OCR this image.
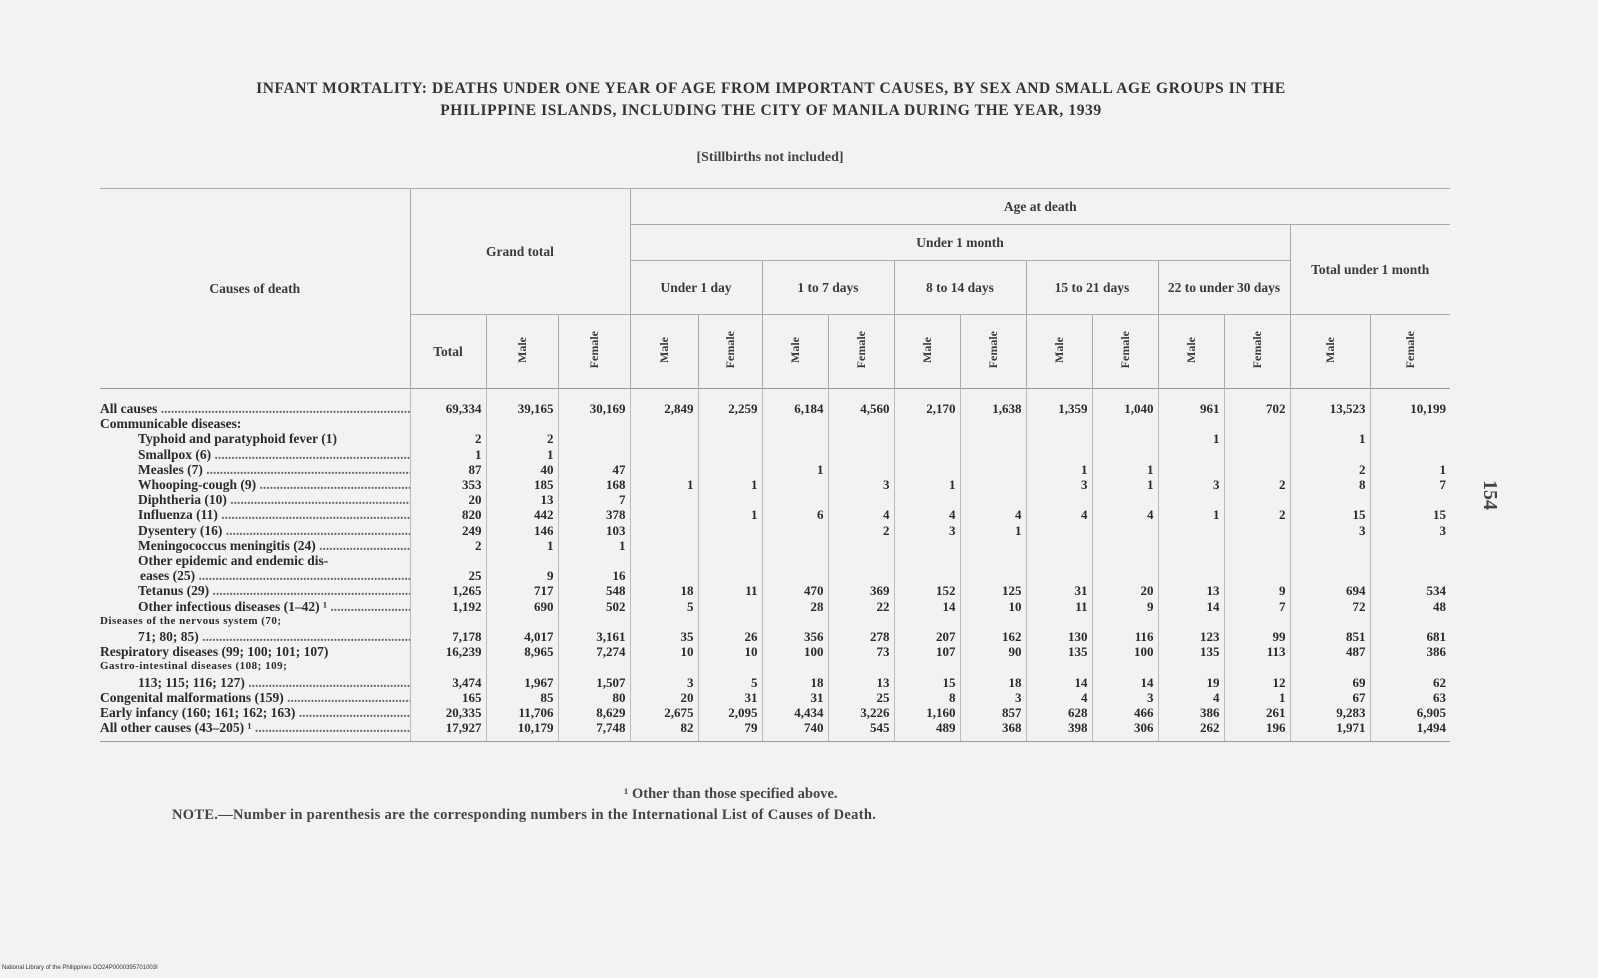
INFANT MORTALITY: DEATHS UNDER ONE YEAR OF AGE FROM IMPORTANT CAUSES, BY SEX AND SMALL AGE GROUPS IN THE
PHILIPPINE ISLANDS, INCLUDING THE CITY OF MANILA DURING THE YEAR, 1939
[Stillbirths not included]
Causes of death	Grand total			Age at death											
				Under 1 month										Total under 1 month	
				Under 1 day		1 to 7 days		8 to 14 days		15 to 21 days		22 to under 30 days			
	Total	Male	Female	Male	Female	Male	Female	Male	Female	Male	Female	Male	Female	Male	Female
All causes .....	69,334	39,165	30,169	2,849	2,259	6,184	4,560	2,170	1,638	1,359	1,040	961	702	13,523	10,199
Communicable diseases:															
Typhoid and paratyphoid fever (1)	2	2										1		1	
Smallpox (6) .....	1	1													
Measles (7) .....	87	40	47			1				1	1			2	1
Whooping-cough (9) .....	353	185	168	1	1		3	1		3	1	3	2	8	7
Diphtheria (10) .....	20	13	7												
Influenza (11) .....	820	442	378		1	6	4	4	4	4	4	1	2	15	15
Dysentery (16) .....	249	146	103				2	3	1					3	3
Meningococcus meningitis (24) .....	2	1	1												
Other epidemic and endemic dis-															
eases (25) .....	25	9	16												
Tetanus (29) .....	1,265	717	548	18	11	470	369	152	125	31	20	13	9	694	534
Other infectious diseases (1–42) ¹ .....	1,192	690	502	5		28	22	14	10	11	9	14	7	72	48
Diseases of the nervous system (70;															
71; 80; 85) .....	7,178	4,017	3,161	35	26	356	278	207	162	130	116	123	99	851	681
Respiratory diseases (99; 100; 101; 107)	16,239	8,965	7,274	10	10	100	73	107	90	135	100	135	113	487	386
Gastro-intestinal diseases (108; 109;															
113; 115; 116; 127) .....	3,474	1,967	1,507	3	5	18	13	15	18	14	14	19	12	69	62
Congenital malformations (159) .....	165	85	80	20	31	31	25	8	3	4	3	4	1	67	63
Early infancy (160; 161; 162; 163) .....	20,335	11,706	8,629	2,675	2,095	4,434	3,226	1,160	857	628	466	386	261	9,283	6,905
All other causes (43–205) ¹ .....	17,927	10,179	7,748	82	79	740	545	489	368	398	306	262	196	1,971	1,494
¹ Other than those specified above.
NOTE.—Number in parenthesis are the corresponding numbers in the International List of Causes of Death.
154
National Library of the Philippines DO24P0000395701003I
